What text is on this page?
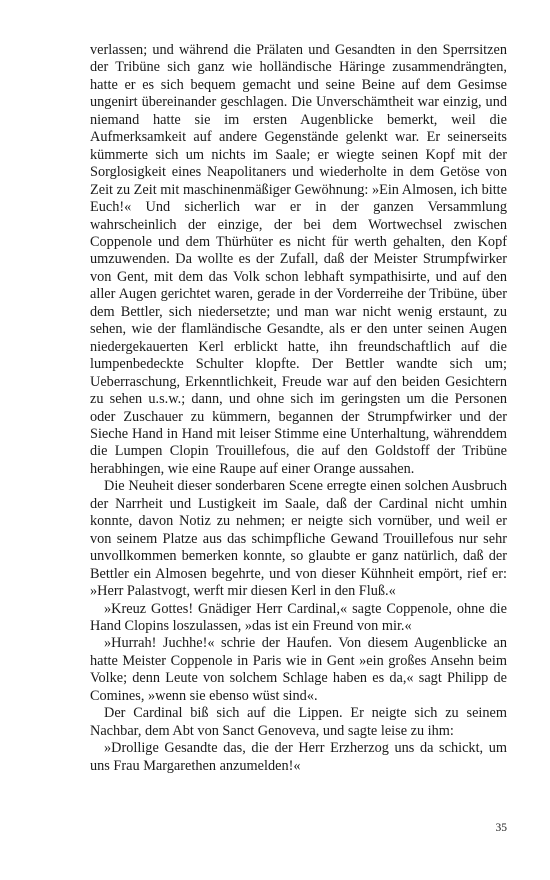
verlassen; und während die Prälaten und Gesandten in den Sperrsitzen der Tribüne sich ganz wie holländische Häringe zusammendrängten, hatte er es sich bequem gemacht und seine Beine auf dem Gesimse ungenirt übereinander geschlagen. Die Unverschämtheit war einzig, und niemand hatte sie im ersten Augenblicke bemerkt, weil die Aufmerksamkeit auf andere Gegenstände gelenkt war. Er seinerseits kümmerte sich um nichts im Saale; er wiegte seinen Kopf mit der Sorglosigkeit eines Neapolitaners und wiederholte in dem Getöse von Zeit zu Zeit mit maschinenmäßiger Gewöhnung: »Ein Almosen, ich bitte Euch!« Und sicherlich war er in der ganzen Versammlung wahrscheinlich der einzige, der bei dem Wortwechsel zwischen Coppenole und dem Thürhüter es nicht für werth gehalten, den Kopf umzuwenden. Da wollte es der Zufall, daß der Meister Strumpfwirker von Gent, mit dem das Volk schon lebhaft sympathisirte, und auf den aller Augen gerichtet waren, gerade in der Vorderreihe der Tribüne, über dem Bettler, sich niedersetzte; und man war nicht wenig erstaunt, zu sehen, wie der flamländische Gesandte, als er den unter seinen Augen niedergekauerten Kerl erblickt hatte, ihn freundschaftlich auf die lumpenbedeckte Schulter klopfte. Der Bettler wandte sich um; Ueberraschung, Erkenntlichkeit, Freude war auf den beiden Gesichtern zu sehen u.s.w.; dann, und ohne sich im geringsten um die Personen oder Zuschauer zu kümmern, begannen der Strumpfwirker und der Sieche Hand in Hand mit leiser Stimme eine Unterhaltung, währenddem die Lumpen Clopin Trouillefous, die auf den Goldstoff der Tribüne herabhingen, wie eine Raupe auf einer Orange aussahen.

Die Neuheit dieser sonderbaren Scene erregte einen solchen Ausbruch der Narrheit und Lustigkeit im Saale, daß der Cardinal nicht umhin konnte, davon Notiz zu nehmen; er neigte sich vornüber, und weil er von seinem Platze aus das schimpfliche Gewand Trouillefous nur sehr unvollkommen bemerken konnte, so glaubte er ganz natürlich, daß der Bettler ein Almosen begehrte, und von dieser Kühnheit empört, rief er: »Herr Palastvogt, werft mir diesen Kerl in den Fluß.«

»Kreuz Gottes! Gnädiger Herr Cardinal,« sagte Coppenole, ohne die Hand Clopins loszulassen, »das ist ein Freund von mir.«

»Hurrah! Juchhe!« schrie der Haufen. Von diesem Augenblicke an hatte Meister Coppenole in Paris wie in Gent »ein großes Ansehn beim Volke; denn Leute von solchem Schlage haben es da,« sagt Philipp de Comines, »wenn sie ebenso wüst sind«.

Der Cardinal biß sich auf die Lippen. Er neigte sich zu seinem Nachbar, dem Abt von Sanct Genoveva, und sagte leise zu ihm:

»Drollige Gesandte das, die der Herr Erzherzog uns da schickt, um uns Frau Margarethen anzumelden!«

35
